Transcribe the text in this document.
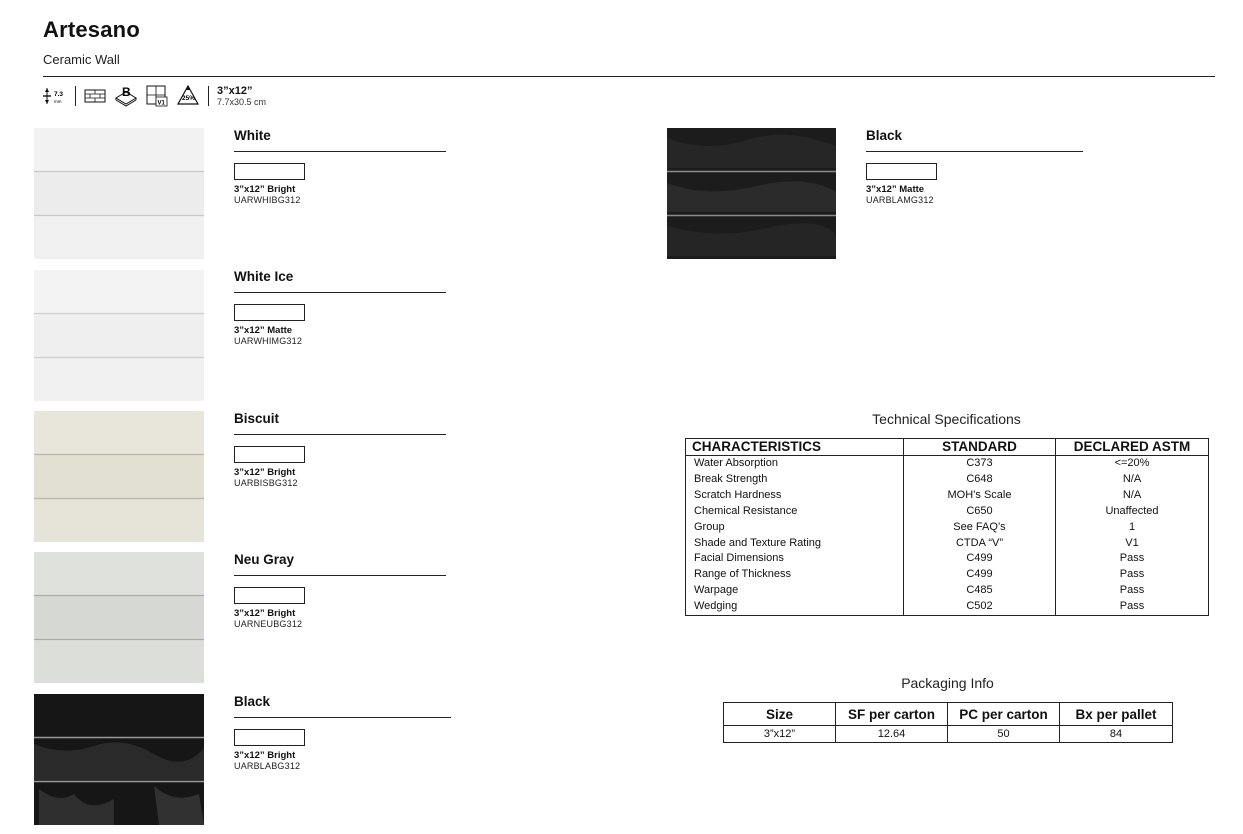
Artesano
Ceramic Wall
7.3
mm
B
V1
25%
3”x12”
7.7x30.5 cm
White
3”x12” Bright
UARWHIBG312
White Ice
3”x12” Matte
UARWHIMG312
Biscuit
3”x12” Bright
UARBISBG312
Neu Gray
3”x12” Bright
UARNEUBG312
Black
3”x12” Bright
UARBLABG312
Black
3”x12” Matte
UARBLAMG312
Technical Specifications
CHARACTERISTICS	STANDARD	DECLARED ASTM
Water Absorption	C373	<=20%
Break Strength	C648	N/A
Scratch Hardness	MOH’s Scale	N/A
Chemical Resistance	C650	Unaffected
Group	See FAQ’s	1
Shade and Texture Rating	CTDA “V”	V1
Facial Dimensions	C499	Pass
Range of Thickness	C499	Pass
Warpage	C485	Pass
Wedging	C502	Pass
Packaging Info
Size	SF per carton	PC per carton	Bx per pallet
3”x12”	12.64	50	84
